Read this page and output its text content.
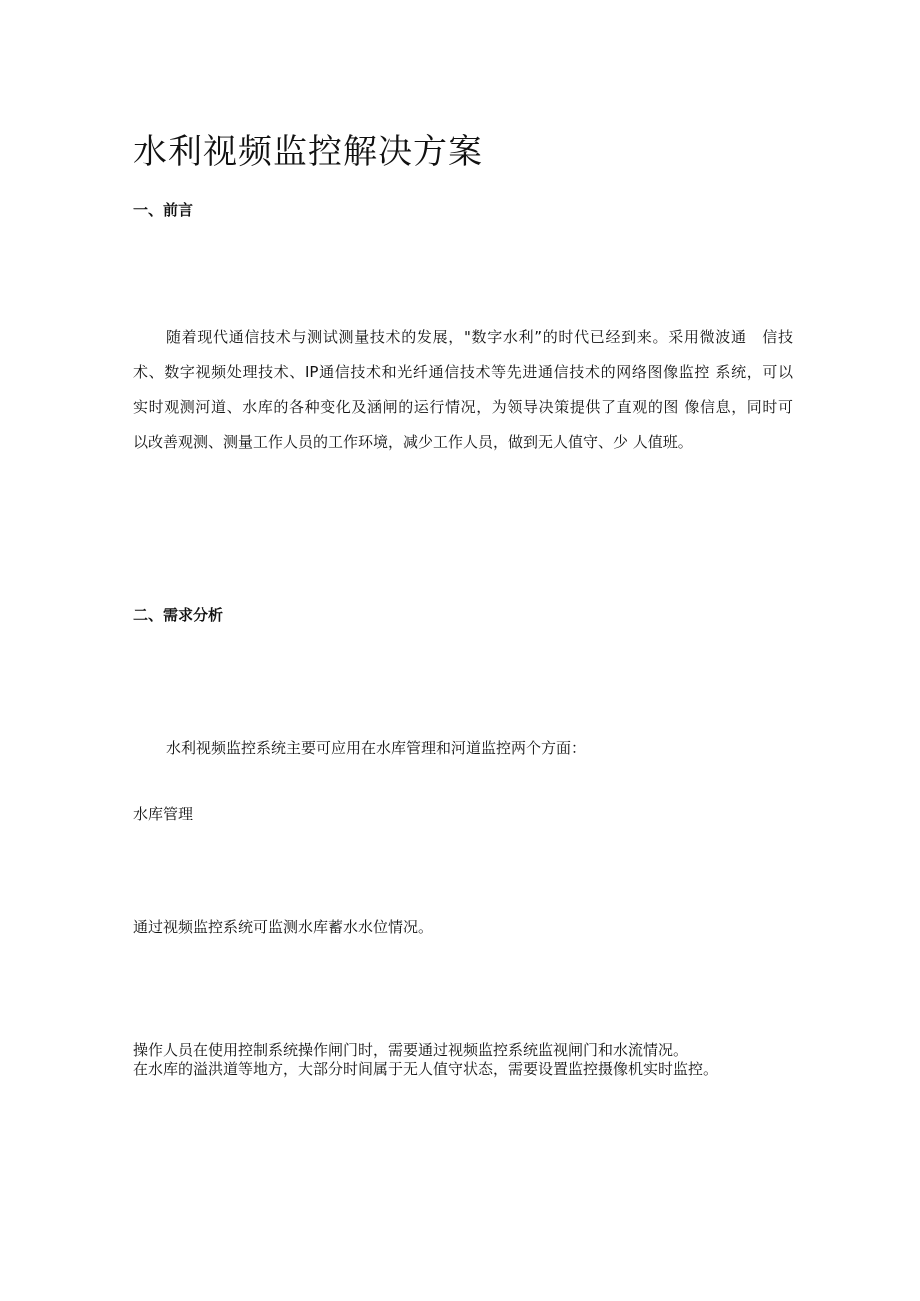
水利视频监控解决方案
一、前言
随着现代通信技术与测试测量技术的发展，"数字水利”的时代已经到来。采用微波通　信技
术、数字视频处理技术、IP通信技术和光纤通信技术等先进通信技术的网络图像监控 系统，可以
实时观测河道、水库的各种变化及涵闸的运行情况，为领导决策提供了直观的图 像信息，同时可
以改善观测、测量工作人员的工作环境，减少工作人员，做到无人值守、少 人值班。
二、需求分析

水利视频监控系统主要可应用在水库管理和河道监控两个方面：

水库管理

通过视频监控系统可监测水库蓄水水位情况。

操作人员在使用控制系统操作闸门时，需要通过视频监控系统监视闸门和水流情况。

在水库的溢洪道等地方，大部分时间属于无人值守状态，需要设置监控摄像机实时监控。
